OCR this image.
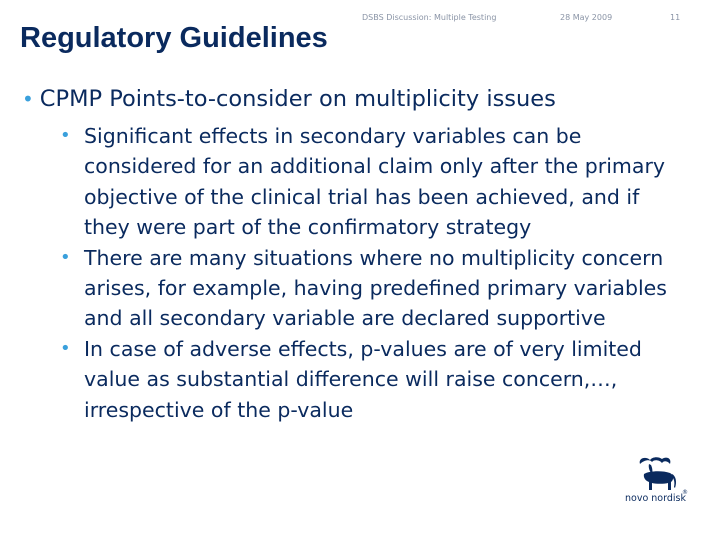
DSBS Discussion: Multiple Testing	28 May 2009	11
Regulatory Guidelines
• CPMP Points-to-consider on multiplicity issues
• Significant effects in secondary variables can be considered for an additional claim only after the primary objective of the clinical trial has been achieved, and if they were part of the confirmatory strategy
• There are many situations where no multiplicity concern arises, for example, having predefined primary variables and all secondary variable are declared supportive
• In case of adverse effects, p-values are of very limited value as substantial difference will raise concern,…, irrespective of the p-value
novo nordisk
®
